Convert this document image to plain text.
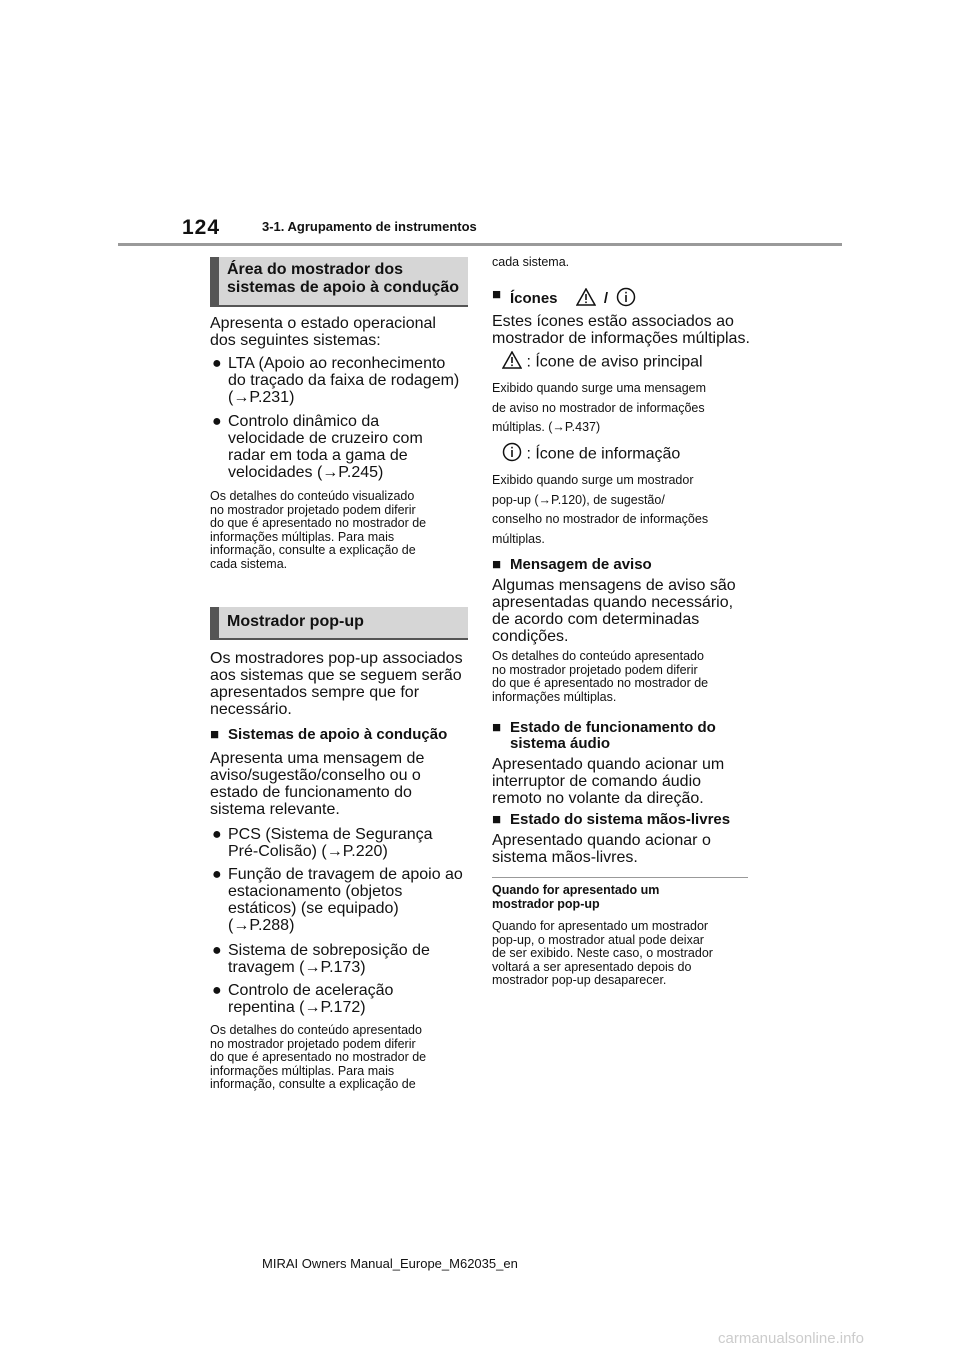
124	3-1. Agrupamento de instrumentos
Área do mostrador dos
sistemas de apoio à condução

Apresenta o estado operacional

dos seguintes sistemas:

● LTA (Apoio ao reconhecimento
do traçado da faixa de rodagem)
(→P.231)
● Controlo dinâmico da
velocidade de cruzeiro com
radar em toda a gama de
velocidades (→P.245)

Os detalhes do conteúdo visualizado

no mostrador projetado podem diferir

do que é apresentado no mostrador de

informações múltiplas. Para mais

informação, consulte a explicação de

cada sistema.

Mostrador pop-up

Os mostradores pop-up associados

aos sistemas que se seguem serão

apresentados sempre que for

necessário.

■ Sistemas de apoio à condução

Apresenta uma mensagem de

aviso/sugestão/conselho ou o

estado de funcionamento do

sistema relevante.

● PCS (Sistema de Segurança
Pré-Colisão) (→P.220)
● Função de travagem de apoio ao
estacionamento (objetos
estáticos) (se equipado)
(→P.288)
● Sistema de sobreposição de
travagem (→P.173)
● Controlo de aceleração
repentina (→P.172)

Os detalhes do conteúdo apresentado

no mostrador projetado podem diferir

do que é apresentado no mostrador de

informações múltiplas. Para mais

informação, consulte a explicação de

cada sistema.

■ Ícones	/

Estes ícones estão associados ao

mostrador de informações múltiplas.

: Ícone de aviso principal

Exibido quando surge uma mensagem

de aviso no mostrador de informações

múltiplas. (→P.437)

: Ícone de informação

Exibido quando surge um mostrador

pop-up (→P.120), de sugestão/

conselho no mostrador de informações

múltiplas.

■ Mensagem de aviso

Algumas mensagens de aviso são

apresentadas quando necessário,

de acordo com determinadas

condições.

Os detalhes do conteúdo apresentado

no mostrador projetado podem diferir

do que é apresentado no mostrador de

informações múltiplas.

■ Estado de funcionamento do
sistema áudio

Apresentado quando acionar um

interruptor de comando áudio

remoto no volante da direção.

■ Estado do sistema mãos-livres

Apresentado quando acionar o

sistema mãos-livres.

Quando for apresentado um

mostrador pop-up

Quando for apresentado um mostrador

pop-up, o mostrador atual pode deixar

de ser exibido. Neste caso, o mostrador

voltará a ser apresentado depois do

mostrador pop-up desaparecer.

MIRAI Owners Manual_Europe_M62035_en
carmanualsonline.info
